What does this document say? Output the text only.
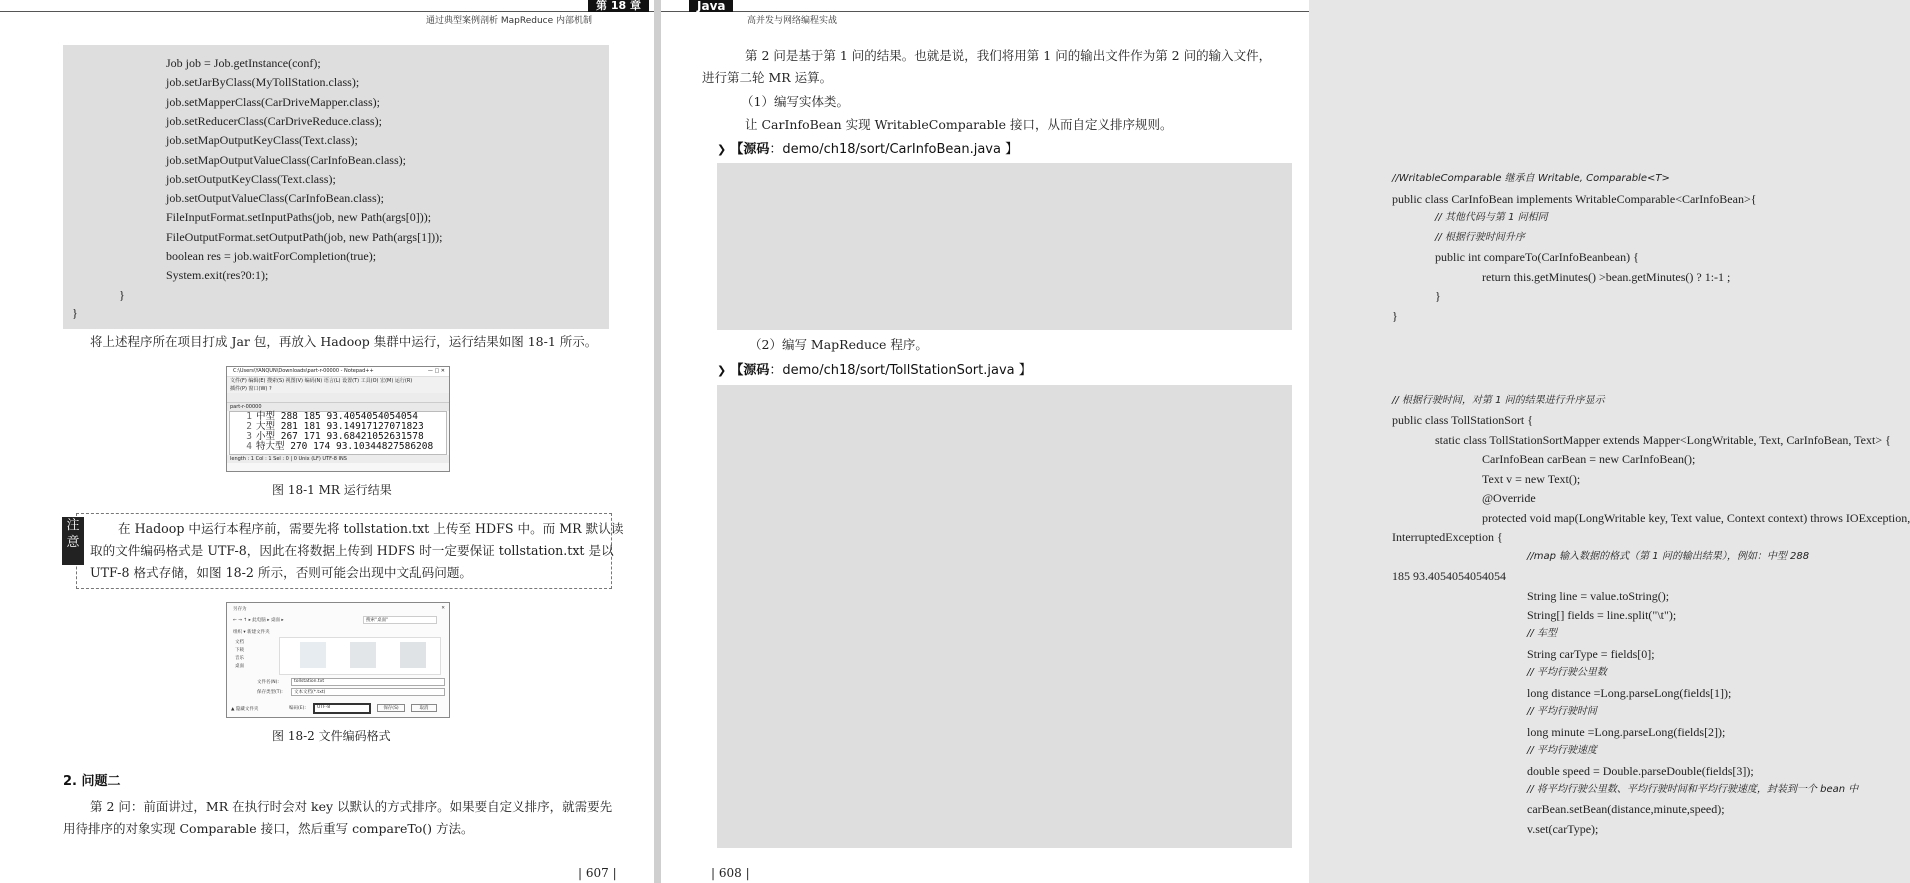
第 18 章
通过典型案例剖析 MapReduce 内部机制
Job job = Job.getInstance(conf);
job.setJarByClass(MyTollStation.class);
job.setMapperClass(CarDriveMapper.class);
job.setReducerClass(CarDriveReduce.class);
job.setMapOutputKeyClass(Text.class);
job.setMapOutputValueClass(CarInfoBean.class);
job.setOutputKeyClass(Text.class);
job.setOutputValueClass(CarInfoBean.class);
FileInputFormat.setInputPaths(job, new Path(args[0]));
FileOutputFormat.setOutputPath(job, new Path(args[1]));
boolean res = job.waitForCompletion(true);
System.exit(res?0:1);
}
}
将上述程序所在项目打成 Jar 包，再放入 Hadoop 集群中运行，运行结果如图 18-1 所示。
C:\Users\YANQUN\Downloads\part-r-00000 - Notepad++	— □ ✕
文件(F) 编辑(E) 搜索(S) 视图(V) 编码(N) 语言(L) 设置(T) 工具(O) 宏(M) 运行(R)
插件(P) 窗口(W) ?
part-r-00000
1 中型 288 185 93.4054054054054
2 大型 281 181 93.14917127071823
3 小型 267 171 93.68421052631578
4 特大型 270 174 93.10344827586208
length : 1 Col : 1 Sel : 0 | 0 Unix (LF) UTF-8 INS
图 18-1 MR 运行结果
注
意
在 Hadoop 中运行本程序前，需要先将 tollstation.txt 上传至 HDFS 中。而 MR 默认读
取的文件编码格式是 UTF-8，因此在将数据上传到 HDFS 时一定要保证 tollstation.txt 是以
UTF-8 格式存储，如图 18-2 所示，否则可能会出现中文乱码问题。
另存为	✕
← → ↑ ▸ 此电脑 ▸ 桌面 ▸	搜索"桌面"
组织 ▾ 新建文件夹
文档
下载
音乐
桌面
文件名(N):	tollstation.txt
保存类型(T):	文本文档(*.txt)
▲ 隐藏文件夹	编码(E):	UTF-8	保存(S)	取消
图 18-2 文件编码格式
2. 问题二
第 2 问：前面讲过，MR 在执行时会对 key 以默认的方式排序。如果要自定义排序，就需要先
用待排序的对象实现 Comparable 接口，然后重写 compareTo() 方法。
| 607 |
Java
高并发与网络编程实战
第 2 问是基于第 1 问的结果。也就是说，我们将用第 1 问的输出文件作为第 2 问的输入文件，
进行第二轮 MR 运算。
（1）编写实体类。
让 CarInfoBean 实现 WritableComparable 接口，从而自定义排序规则。
❯ 【源码：demo/ch18/sort/CarInfoBean.java 】
//WritableComparable 继承自 Writable, Comparable<T>
public class CarInfoBean implements WritableComparable<CarInfoBean>{
// 其他代码与第 1 问相同
// 根据行驶时间升序
public int compareTo(CarInfoBeanbean) {
return this.getMinutes() >bean.getMinutes() ? 1:-1 ;
}
}
（2）编写 MapReduce 程序。
❯ 【源码：demo/ch18/sort/TollStationSort.java 】
// 根据行驶时间，对第 1 问的结果进行升序显示
public class TollStationSort {
static class TollStationSortMapper extends Mapper<LongWritable, Text, CarInfoBean, Text> {
CarInfoBean carBean = new CarInfoBean();
Text v = new Text();
@Override
protected void map(LongWritable key, Text value, Context context) throws IOException,
InterruptedException {
//map 输入数据的格式（第 1 问的输出结果），例如：中型 288
185 93.4054054054054
String line = value.toString();
String[] fields = line.split("\t");
// 车型
String carType = fields[0];
// 平均行驶公里数
long distance =Long.parseLong(fields[1]);
// 平均行驶时间
long minute =Long.parseLong(fields[2]);
// 平均行驶速度
double speed = Double.parseDouble(fields[3]);
// 将平均行驶公里数、平均行驶时间和平均行驶速度，封装到一个 bean 中
carBean.setBean(distance,minute,speed);
v.set(carType);
| 608 |
